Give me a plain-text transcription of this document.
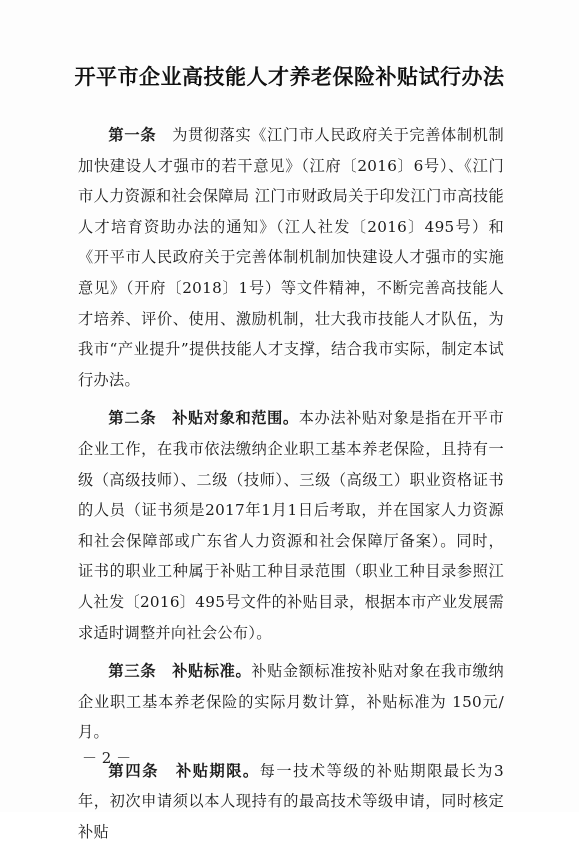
开平市企业高技能人才养老保险补贴试行办法

第一条　 为贯彻落实《江门市人民政府关于完善体制机制加快建设人才强市的若干意见》（江府〔2016〕6号）、《江门市人力资源和社会保障局 江门市财政局关于印发江门市高技能人才培育资助办法的通知》（江人社发〔2016〕495号）和《开平市人民政府关于完善体制机制加快建设人才强市的实施意见》（开府〔2018〕1号）等文件精神，不断完善高技能人才培养、评价、使用、激励机制，壮大我市技能人才队伍，为我市“产业提升”提供技能人才支撑，结合我市实际，制定本试行办法。

第二条　 补贴对象和范围。本办法补贴对象是指在开平市企业工作，在我市依法缴纳企业职工基本养老保险，且持有一级（高级技师）、二级（技师）、三级（高级工）职业资格证书的人员（证书须是2017年1月1日后考取，并在国家人力资源和社会保障部或广东省人力资源和社会保障厅备案）。同时，证书的职业工种属于补贴工种目录范围（职业工种目录参照江人社发〔2016〕495号文件的补贴目录，根据本市产业发展需求适时调整并向社会公布）。

第三条　 补贴标准。补贴金额标准按补贴对象在我市缴纳企业职工基本养老保险的实际月数计算，补贴标准为 150元/月。

第四条　 补贴期限。每一技术等级的补贴期限最长为3年，初次申请须以本人现持有的最高技术等级申请，同时核定补贴

－ 2 －
